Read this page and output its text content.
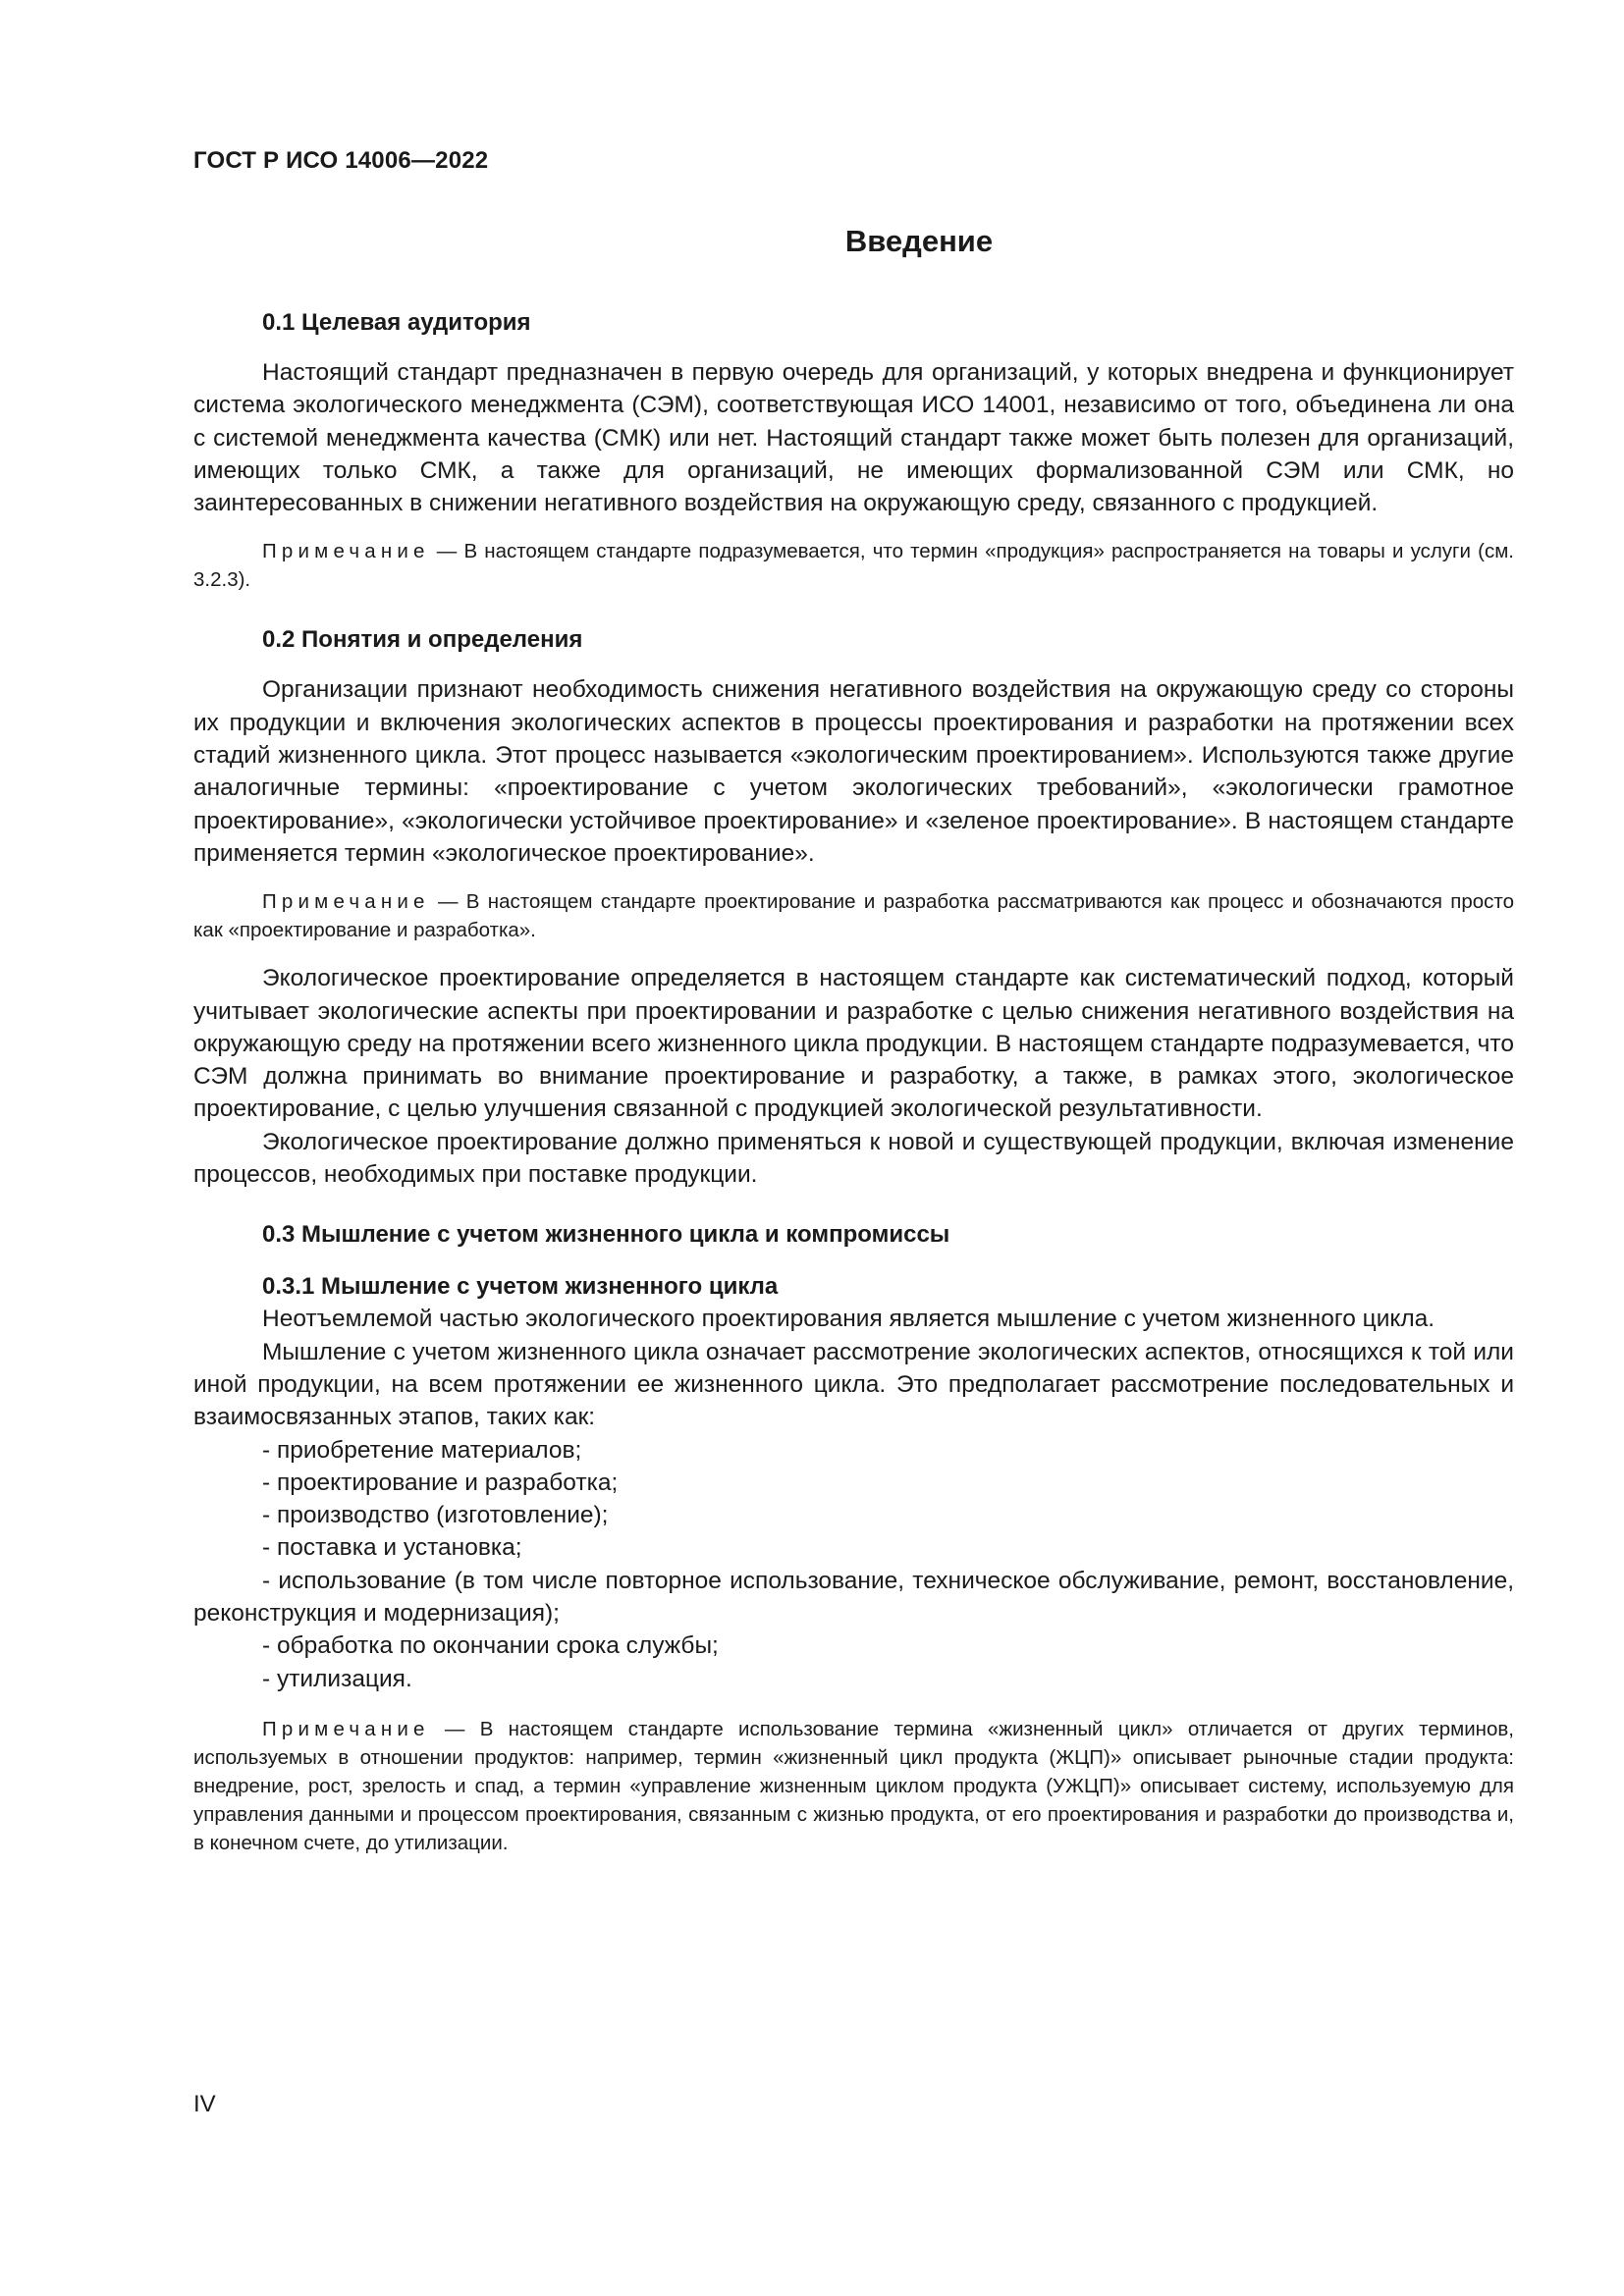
ГОСТ Р ИСО 14006—2022
Введение
0.1 Целевая аудитория

Настоящий стандарт предназначен в первую очередь для организаций, у которых внедрена и функционирует система экологического менеджмента (СЭМ), соответствующая ИСО 14001, независимо от того, объединена ли она с системой менеджмента качества (СМК) или нет. Настоящий стандарт также может быть полезен для организаций, имеющих только СМК, а также для организаций, не имеющих формализованной СЭМ или СМК, но заинтересованных в снижении негативного воздействия на окружающую среду, связанного с продукцией.

Примечание — В настоящем стандарте подразумевается, что термин «продукция» распространяется на товары и услуги (см. 3.2.3).
0.2 Понятия и определения

Организации признают необходимость снижения негативного воздействия на окружающую среду со стороны их продукции и включения экологических аспектов в процессы проектирования и разработки на протяжении всех стадий жизненного цикла. Этот процесс называется «экологическим проектированием». Используются также другие аналогичные термины: «проектирование с учетом экологических требований», «экологически грамотное проектирование», «экологически устойчивое проектирование» и «зеленое проектирование». В настоящем стандарте применяется термин «экологическое проектирование».

Примечание — В настоящем стандарте проектирование и разработка рассматриваются как процесс и обозначаются просто как «проектирование и разработка».

Экологическое проектирование определяется в настоящем стандарте как систематический подход, который учитывает экологические аспекты при проектировании и разработке с целью снижения негативного воздействия на окружающую среду на протяжении всего жизненного цикла продукции. В настоящем стандарте подразумевается, что СЭМ должна принимать во внимание проектирование и разработку, а также, в рамках этого, экологическое проектирование, с целью улучшения связанной с продукцией экологической результативности.

Экологическое проектирование должно применяться к новой и существующей продукции, включая изменение процессов, необходимых при поставке продукции.

0.3 Мышление с учетом жизненного цикла и компромиссы
0.3.1 Мышление с учетом жизненного цикла

Неотъемлемой частью экологического проектирования является мышление с учетом жизненного цикла.

Мышление с учетом жизненного цикла означает рассмотрение экологических аспектов, относящихся к той или иной продукции, на всем протяжении ее жизненного цикла. Это предполагает рассмотрение последовательных и взаимосвязанных этапов, таких как:

- приобретение материалов;
- проектирование и разработка;
- производство (изготовление);
- поставка и установка;
- использование (в том числе повторное использование, техническое обслуживание, ремонт, восстановление, реконструкция и модернизация);
- обработка по окончании срока службы;
- утилизация.
Примечание — В настоящем стандарте использование термина «жизненный цикл» отличается от других терминов, используемых в отношении продуктов: например, термин «жизненный цикл продукта (ЖЦП)» описывает рыночные стадии продукта: внедрение, рост, зрелость и спад, а термин «управление жизненным циклом продукта (УЖЦП)» описывает систему, используемую для управления данными и процессом проектирования, связанным с жизнью продукта, от его проектирования и разработки до производства и, в конечном счете, до утилизации.
IV
